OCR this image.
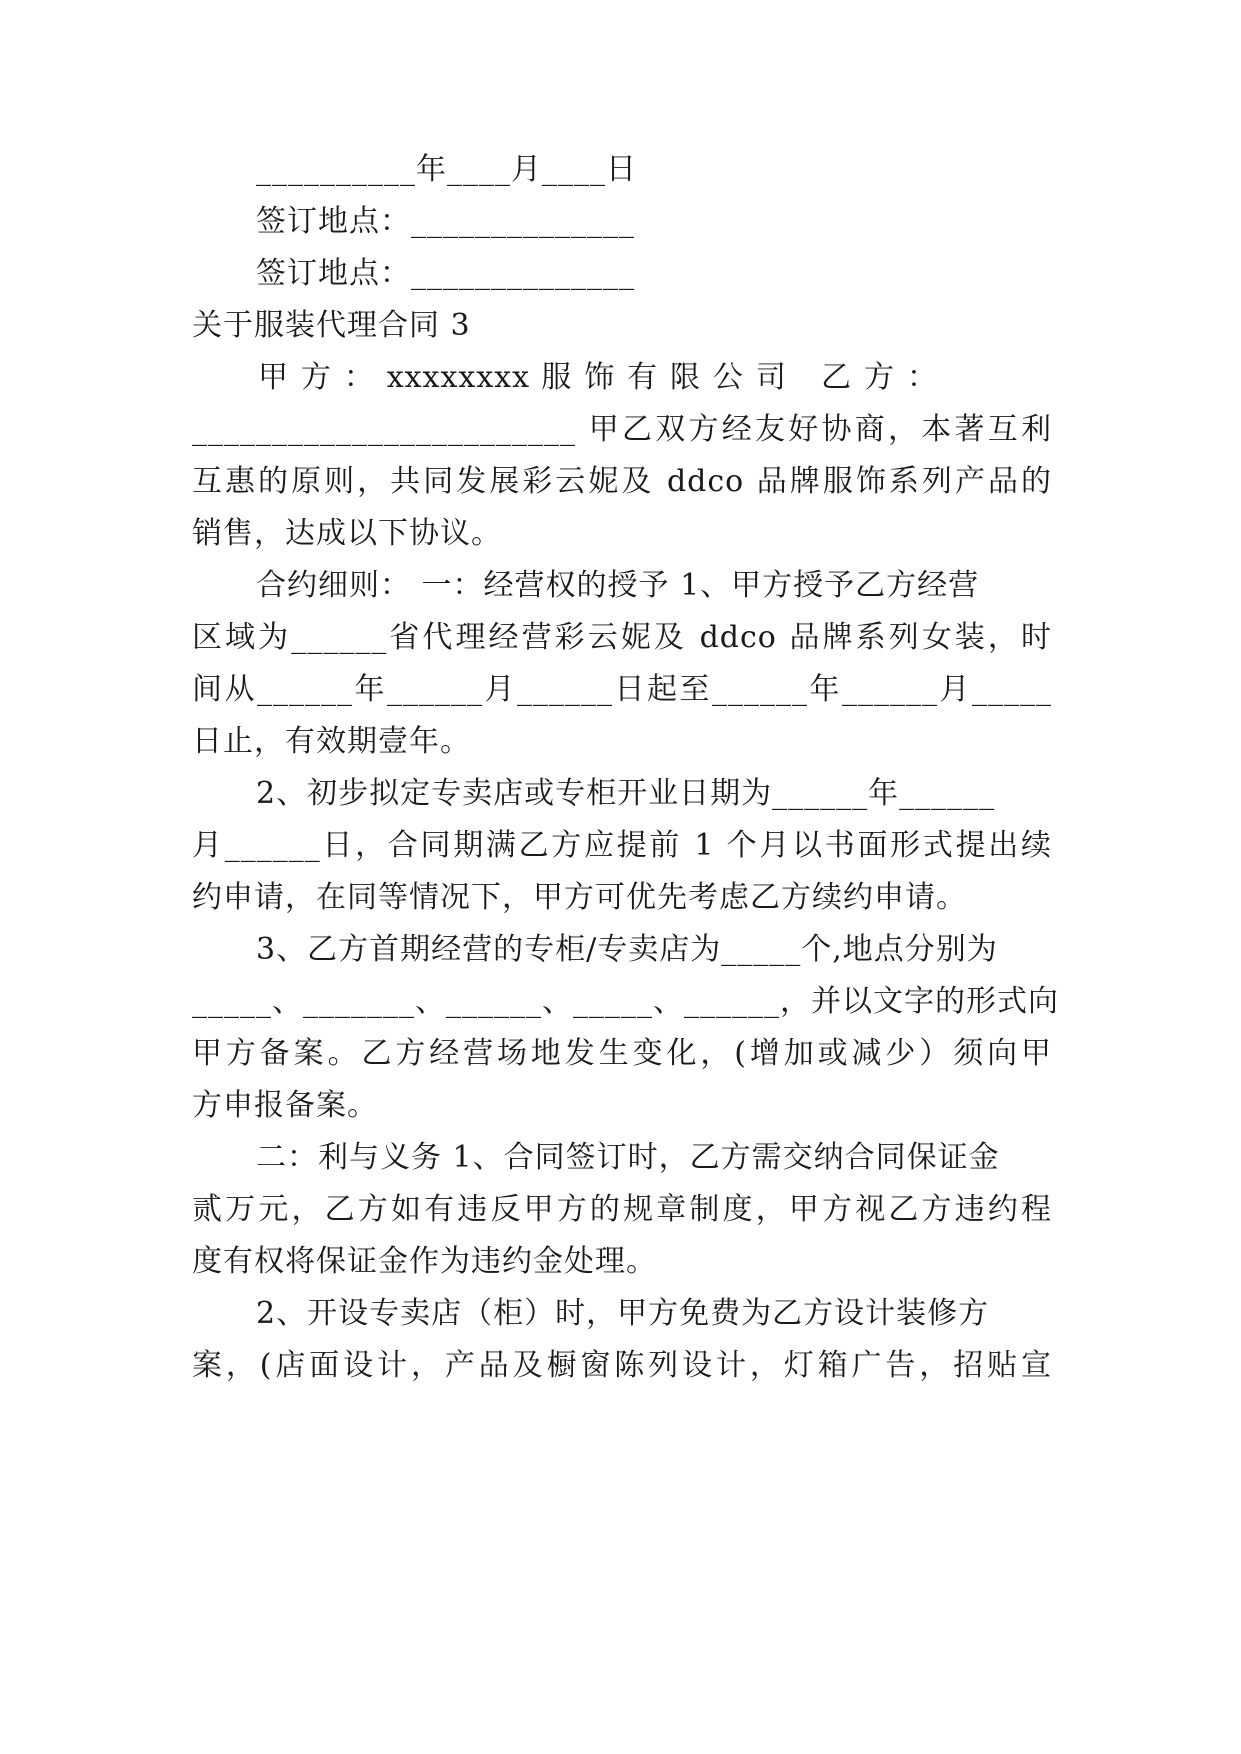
__________年____月____日
签订地点：______________
签订地点：______________
关于服装代理合同 3
甲 方 ： xxxxxxxx 服 饰 有 限 公 司   乙 方 ：
________________________ 甲乙双方经友好协商，本著互利
互惠的原则，共同发展彩云妮及 ddco 品牌服饰系列产品的
销售，达成以下协议。
合约细则： 一：经营权的授予 1、甲方授予乙方经营
区域为______省代理经营彩云妮及 ddco 品牌系列女装，时
间从______年______月______日起至______年______月_____
日止，有效期壹年。
2、初步拟定专卖店或专柜开业日期为______年______
月______日，合同期满乙方应提前 1 个月以书面形式提出续
约申请，在同等情况下，甲方可优先考虑乙方续约申请。
3、乙方首期经营的专柜/专卖店为_____个,地点分别为
_____、_______、______、_____、______，并以文字的形式向
甲方备案。乙方经营场地发生变化，(增加或减少）须向甲
方申报备案。
二：利与义务 1、合同签订时，乙方需交纳合同保证金
贰万元，乙方如有违反甲方的规章制度，甲方视乙方违约程
度有权将保证金作为违约金处理。
2、开设专卖店（柜）时，甲方免费为乙方设计装修方
案，(店面设计，产品及橱窗陈列设计，灯箱广告，招贴宣
